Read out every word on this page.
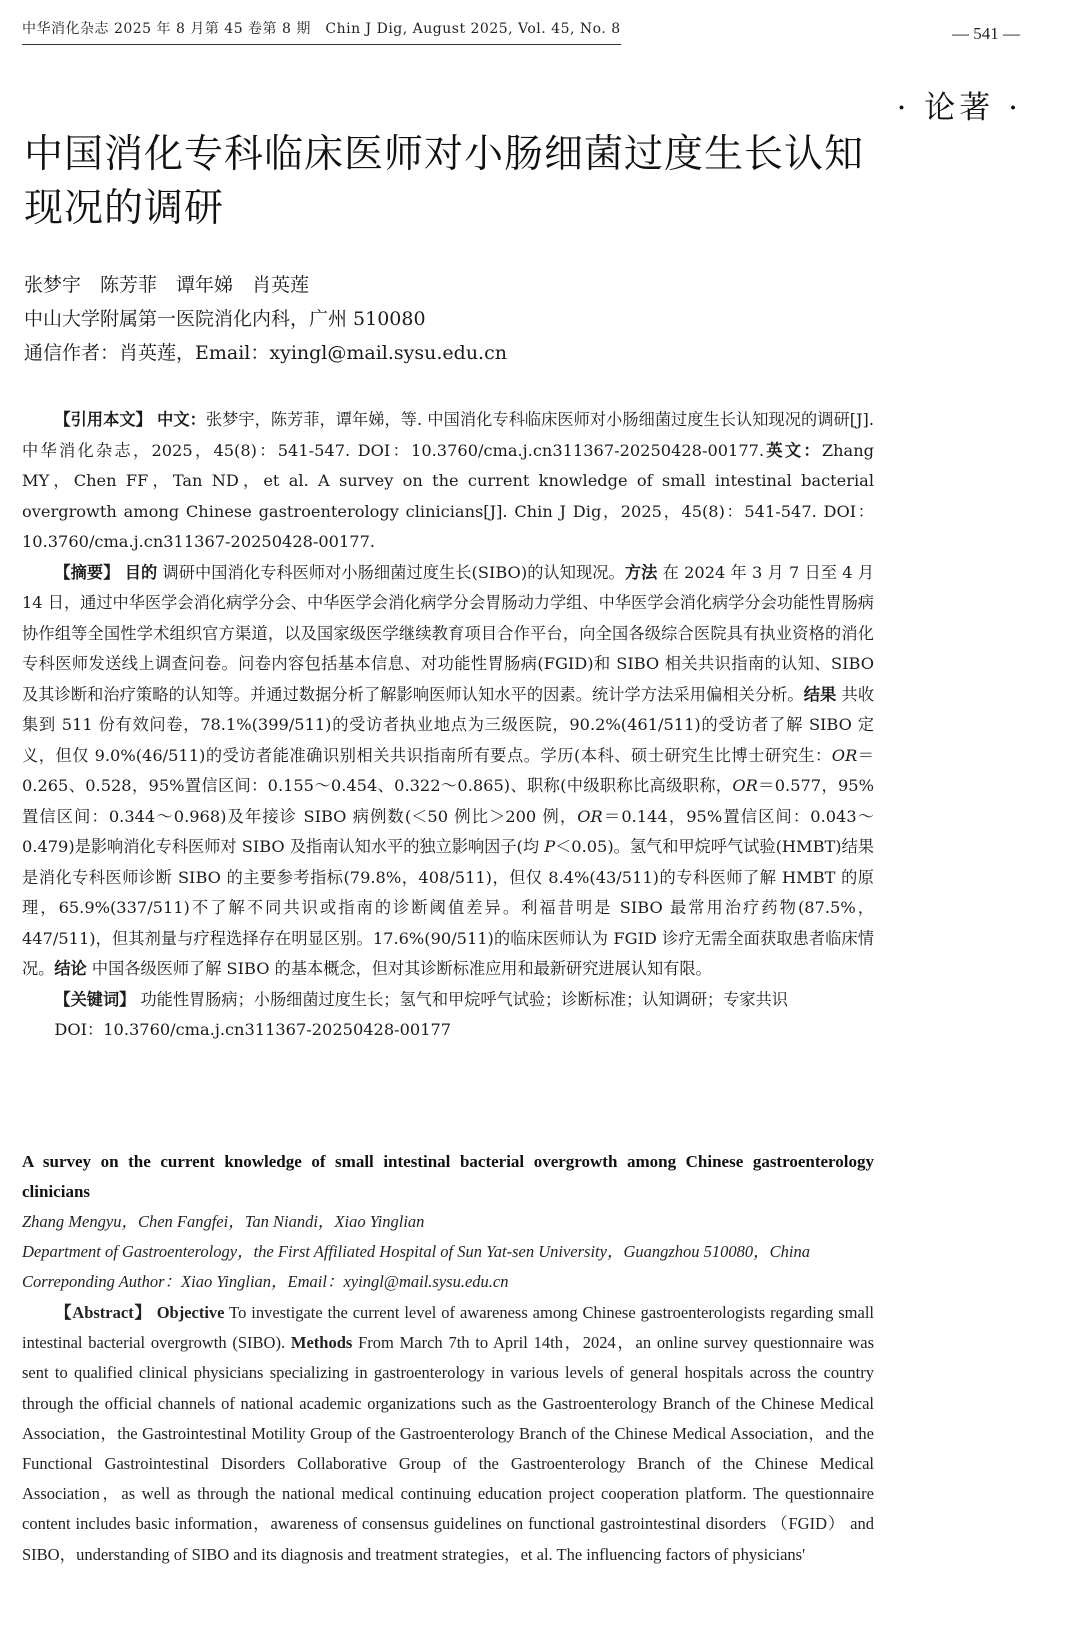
中华消化杂志 2025 年 8 月第 45 卷第 8 期　Chin J Dig, August 2025, Vol. 45, No. 8	— 541 —
· 论著 ·
中国消化专科临床医师对小肠细菌过度生长认知现况的调研
张梦宇　陈芳菲　谭年娣　肖英莲
中山大学附属第一医院消化内科，广州 510080
通信作者：肖英莲，Email：xyingl@mail.sysu.edu.cn

【引用本文】 中文：张梦宇，陈芳菲，谭年娣，等. 中国消化专科临床医师对小肠细菌过度生长认知现况的调研[J]. 中华消化杂志，2025，45(8)：541-547. DOI：10.3760/cma.j.cn311367-20250428-00177.英文：Zhang MY，Chen FF，Tan ND，et al. A survey on the current knowledge of small intestinal bacterial overgrowth among Chinese gastroenterology clinicians[J]. Chin J Dig，2025，45(8)：541-547. DOI：10.3760/cma.j.cn311367-20250428-00177.

【摘要】 目的 调研中国消化专科医师对小肠细菌过度生长(SIBO)的认知现况。方法 在 2024 年 3 月 7 日至 4 月 14 日，通过中华医学会消化病学分会、中华医学会消化病学分会胃肠动力学组、中华医学会消化病学分会功能性胃肠病协作组等全国性学术组织官方渠道，以及国家级医学继续教育项目合作平台，向全国各级综合医院具有执业资格的消化专科医师发送线上调查问卷。问卷内容包括基本信息、对功能性胃肠病(FGID)和 SIBO 相关共识指南的认知、SIBO 及其诊断和治疗策略的认知等。并通过数据分析了解影响医师认知水平的因素。统计学方法采用偏相关分析。结果 共收集到 511 份有效问卷，78.1%(399/511)的受访者执业地点为三级医院，90.2%(461/511)的受访者了解 SIBO 定义，但仅 9.0%(46/511)的受访者能准确识别相关共识指南所有要点。学历(本科、硕士研究生比博士研究生：OR＝0.265、0.528，95%置信区间：0.155～0.454、0.322～0.865)、职称(中级职称比高级职称，OR＝0.577，95%置信区间：0.344～0.968)及年接诊 SIBO 病例数(＜50 例比＞200 例，OR＝0.144，95%置信区间：0.043～0.479)是影响消化专科医师对 SIBO 及指南认知水平的独立影响因子(均 P＜0.05)。氢气和甲烷呼气试验(HMBT)结果是消化专科医师诊断 SIBO 的主要参考指标(79.8%，408/511)，但仅 8.4%(43/511)的专科医师了解 HMBT 的原理，65.9%(337/511)不了解不同共识或指南的诊断阈值差异。利福昔明是 SIBO 最常用治疗药物(87.5%，447/511)，但其剂量与疗程选择存在明显区别。17.6%(90/511)的临床医师认为 FGID 诊疗无需全面获取患者临床情况。结论 中国各级医师了解 SIBO 的基本概念，但对其诊断标准应用和最新研究进展认知有限。

【关键词】 功能性胃肠病；小肠细菌过度生长；氢气和甲烷呼气试验；诊断标准；认知调研；专家共识

DOI：10.3760/cma.j.cn311367-20250428-00177

A survey on the current knowledge of small intestinal bacterial overgrowth among Chinese gastroenterology clinicians
Zhang Mengyu，Chen Fangfei，Tan Niandi，Xiao Yinglian
Department of Gastroenterology，the First Affiliated Hospital of Sun Yat-sen University，Guangzhou 510080，China
Correponding Author：Xiao Yinglian，Email：xyingl@mail.sysu.edu.cn

【Abstract】 Objective To investigate the current level of awareness among Chinese gastroenterologists regarding small intestinal bacterial overgrowth (SIBO). Methods From March 7th to April 14th，2024，an online survey questionnaire was sent to qualified clinical physicians specializing in gastroenterology in various levels of general hospitals across the country through the official channels of national academic organizations such as the Gastroenterology Branch of the Chinese Medical Association，the Gastrointestinal Motility Group of the Gastroenterology Branch of the Chinese Medical Association，and the Functional Gastrointestinal Disorders Collaborative Group of the Gastroenterology Branch of the Chinese Medical Association，as well as through the national medical continuing education project cooperation platform. The questionnaire content includes basic information，awareness of consensus guidelines on functional gastrointestinal disorders （FGID） and SIBO，understanding of SIBO and its diagnosis and treatment strategies，et al. The influencing factors of physicians'
